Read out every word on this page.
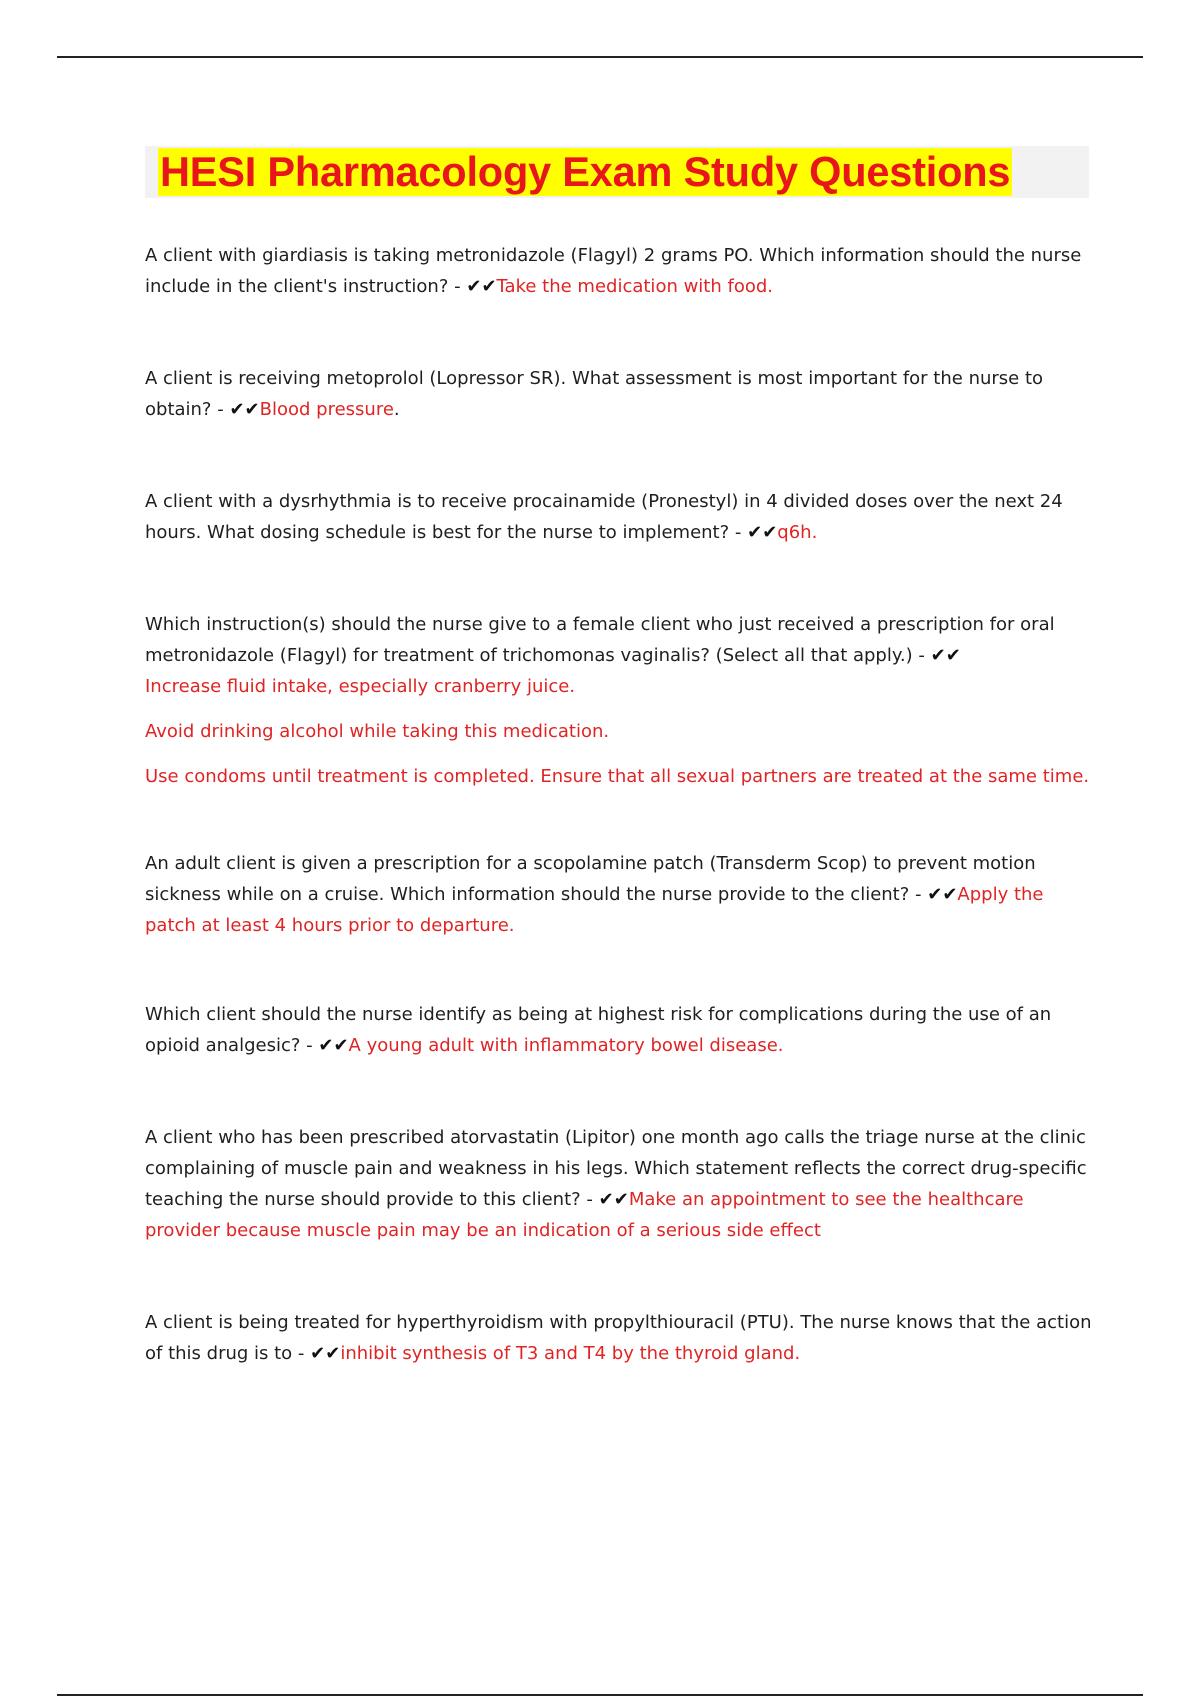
HESI Pharmacology Exam Study Questions

A client with giardiasis is taking metronidazole (Flagyl) 2 grams PO. Which information should the nurse include in the client's instruction? - ✔✔Take the medication with food.

A client is receiving metoprolol (Lopressor SR). What assessment is most important for the nurse to obtain? - ✔✔Blood pressure.

A client with a dysrhythmia is to receive procainamide (Pronestyl) in 4 divided doses over the next 24 hours. What dosing schedule is best for the nurse to implement? - ✔✔q6h.

Which instruction(s) should the nurse give to a female client who just received a prescription for oral metronidazole (Flagyl) for treatment of trichomonas vaginalis? (Select all that apply.) - ✔✔
Increase fluid intake, especially cranberry juice.

Avoid drinking alcohol while taking this medication.

Use condoms until treatment is completed. Ensure that all sexual partners are treated at the same time.

An adult client is given a prescription for a scopolamine patch (Transderm Scop) to prevent motion sickness while on a cruise. Which information should the nurse provide to the client? - ✔✔Apply the patch at least 4 hours prior to departure.

Which client should the nurse identify as being at highest risk for complications during the use of an opioid analgesic? - ✔✔A young adult with inflammatory bowel disease.

A client who has been prescribed atorvastatin (Lipitor) one month ago calls the triage nurse at the clinic complaining of muscle pain and weakness in his legs. Which statement reflects the correct drug-specific teaching the nurse should provide to this client? - ✔✔Make an appointment to see the healthcare provider because muscle pain may be an indication of a serious side effect

A client is being treated for hyperthyroidism with propylthiouracil (PTU). The nurse knows that the action of this drug is to - ✔✔inhibit synthesis of T3 and T4 by the thyroid gland.
